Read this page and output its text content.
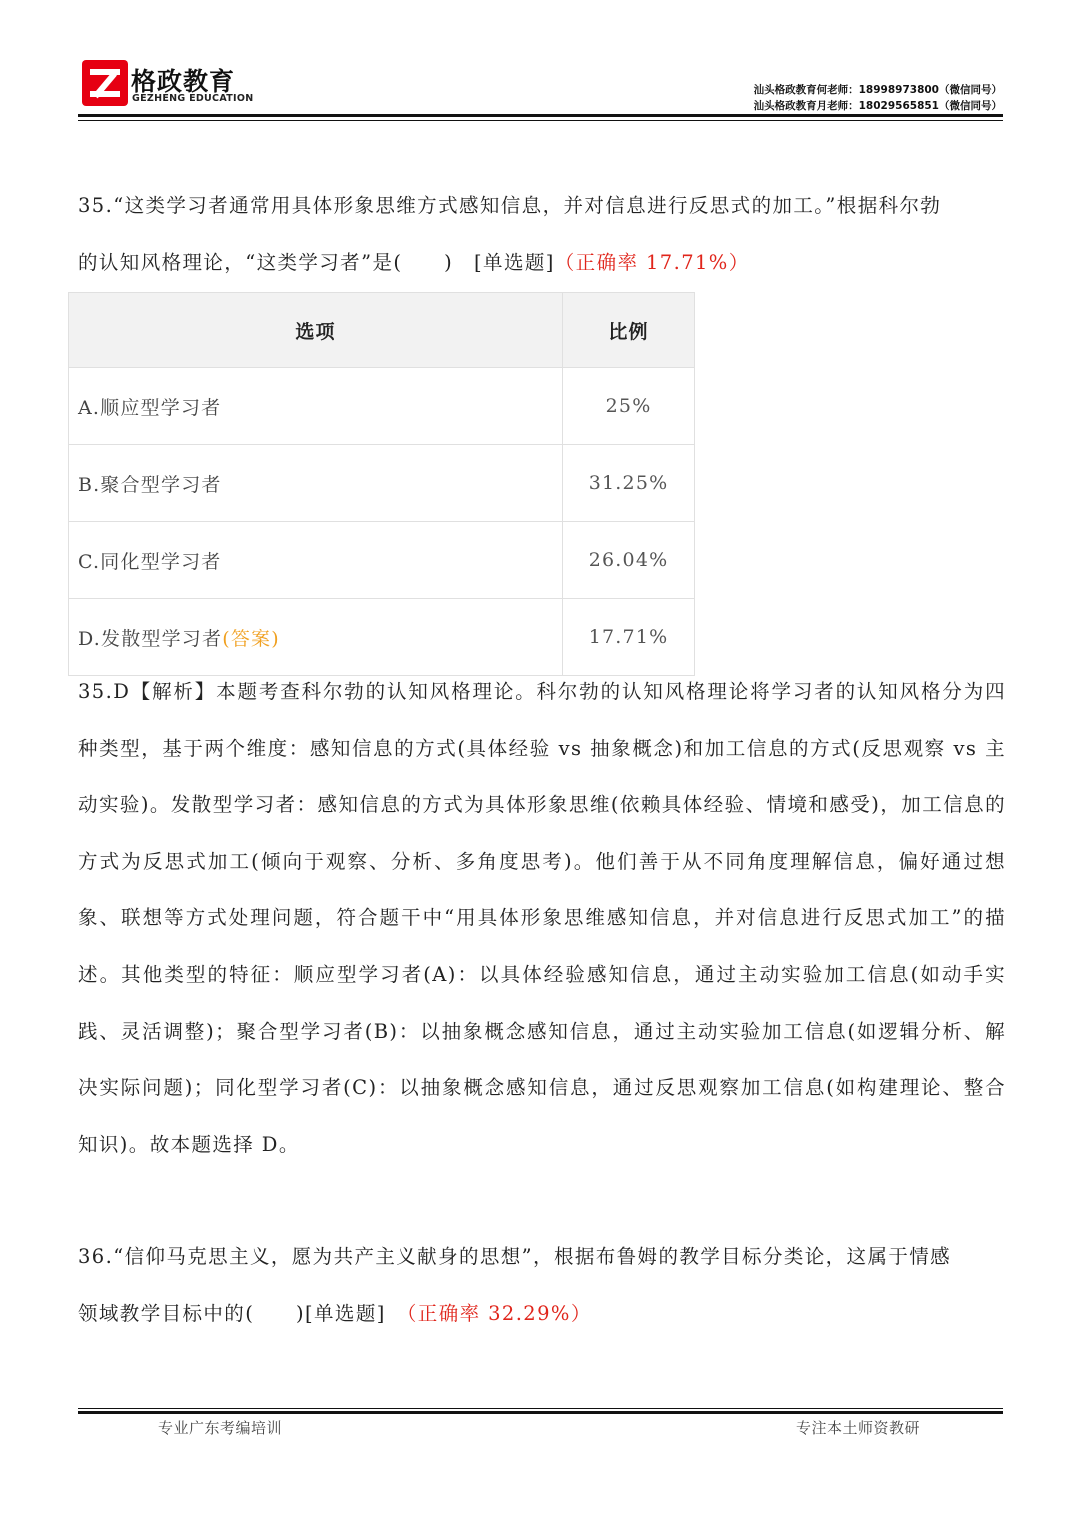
格政教育
GEZHENG EDUCATION
汕头格政教育何老师：18998973800（微信同号）
汕头格政教育月老师：18029565851（微信同号）

35.“这类学习者通常用具体形象思维方式感知信息，并对信息进行反思式的加工。”根据科尔勃
的认知风格理论，“这类学习者”是(　　)　[单选题]（正确率 17.71%）

选项	比例
A.顺应型学习者	25%
B.聚合型学习者	31.25%
C.同化型学习者	26.04%
D.发散型学习者(答案)	17.71%

35.D【解析】本题考查科尔勃的认知风格理论。科尔勃的认知风格理论将学习者的认知风格分为四种类型，基于两个维度：感知信息的方式(具体经验 vs 抽象概念)和加工信息的方式(反思观察 vs 主动实验)。发散型学习者：感知信息的方式为具体形象思维(依赖具体经验、情境和感受)，加工信息的方式为反思式加工(倾向于观察、分析、多角度思考)。他们善于从不同角度理解信息，偏好通过想象、联想等方式处理问题，符合题干中“用具体形象思维感知信息，并对信息进行反思式加工”的描述。其他类型的特征：顺应型学习者(A)：以具体经验感知信息，通过主动实验加工信息(如动手实践、灵活调整)；聚合型学习者(B)：以抽象概念感知信息，通过主动实验加工信息(如逻辑分析、解决实际问题)；同化型学习者(C)：以抽象概念感知信息，通过反思观察加工信息(如构建理论、整合知识)。故本题选择 D。

36.“信仰马克思主义，愿为共产主义献身的思想”，根据布鲁姆的教学目标分类论，这属于情感
领域教学目标中的(　　)[单选题]　（正确率 32.29%）

专业广东考编培训	专注本土师资教研
